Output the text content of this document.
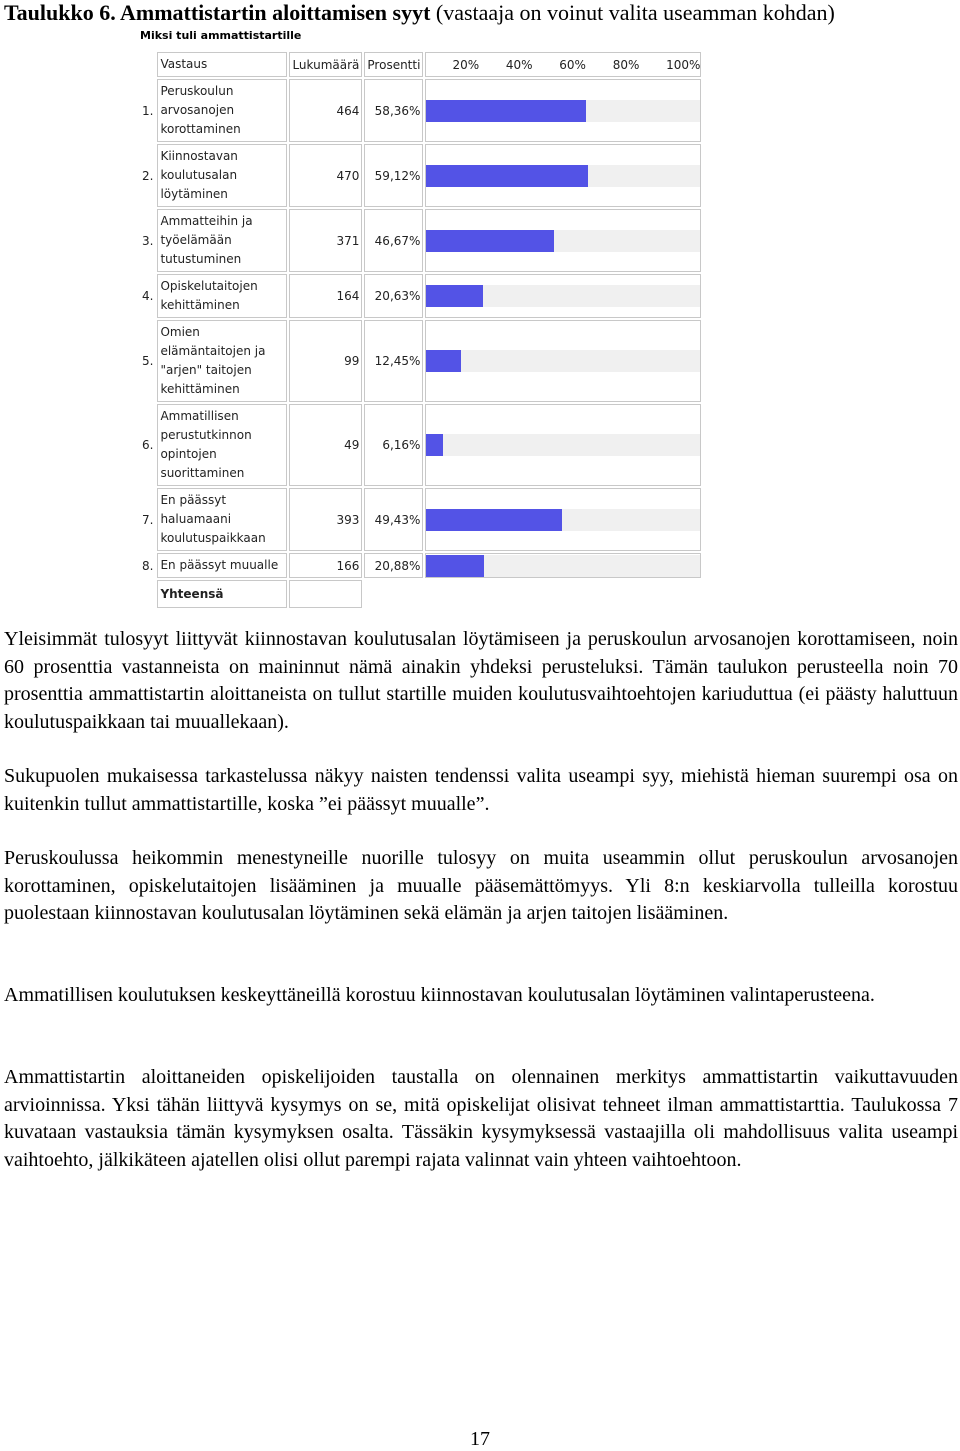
Taulukko 6. Ammattistartin aloittamisen syyt (vastaaja on voinut valita useamman kohdan)
Miksi tuli ammattistartille
	Vastaus	Lukumäärä	Prosentti	20% 40% 60% 80% 100%

1.	Peruskoulun arvosanojen korottaminen	464	58,36%	

2.	Kiinnostavan koulutusalan löytäminen	470	59,12%	

3.	Ammatteihin ja työelämään tutustuminen	371	46,67%	

4.	Opiskelutaitojen kehittäminen	164	20,63%	

5.	Omien elämäntaitojen ja "arjen" taitojen kehittäminen	99	12,45%	

6.	Ammatillisen perustutkinnon opintojen suorittaminen	49	6,16%	

7.	En päässyt haluamaani koulutuspaikkaan	393	49,43%	

8.	En päässyt muualle	166	20,88%	

	Yhteensä			
Yleisimmät tulosyyt liittyvät kiinnostavan koulutusalan löytämiseen ja peruskoulun arvosanojen korottamiseen, noin 60 prosenttia vastanneista on maininnut nämä ainakin yhdeksi perusteluksi. Tämän taulukon perusteella noin 70 prosenttia ammattistartin aloittaneista on tullut startille muiden koulutusvaihtoehtojen kariuduttua (ei päästy haluttuun koulutuspaikkaan tai muuallekaan).
Sukupuolen mukaisessa tarkastelussa näkyy naisten tendenssi valita useampi syy, miehistä hieman suurempi osa on kuitenkin tullut ammattistartille, koska ”ei päässyt muualle”.
Peruskoulussa heikommin menestyneille nuorille tulosyy on muita useammin ollut peruskoulun arvosanojen korottaminen, opiskelutaitojen lisääminen ja muualle pääsemättömyys. Yli 8:n keskiarvolla tulleilla korostuu puolestaan kiinnostavan koulutusalan löytäminen sekä elämän ja arjen taitojen lisääminen.
Ammatillisen koulutuksen keskeyttäneillä korostuu kiinnostavan koulutusalan löytäminen valintaperusteena.
Ammattistartin aloittaneiden opiskelijoiden taustalla on olennainen merkitys ammattistartin vaikuttavuuden arvioinnissa. Yksi tähän liittyvä kysymys on se, mitä opiskelijat olisivat tehneet ilman ammattistarttia. Taulukossa 7 kuvataan vastauksia tämän kysymyksen osalta. Tässäkin kysymyksessä vastaajilla oli mahdollisuus valita useampi vaihtoehto, jälkikäteen ajatellen olisi ollut parempi rajata valinnat vain yhteen vaihtoehtoon.
17
